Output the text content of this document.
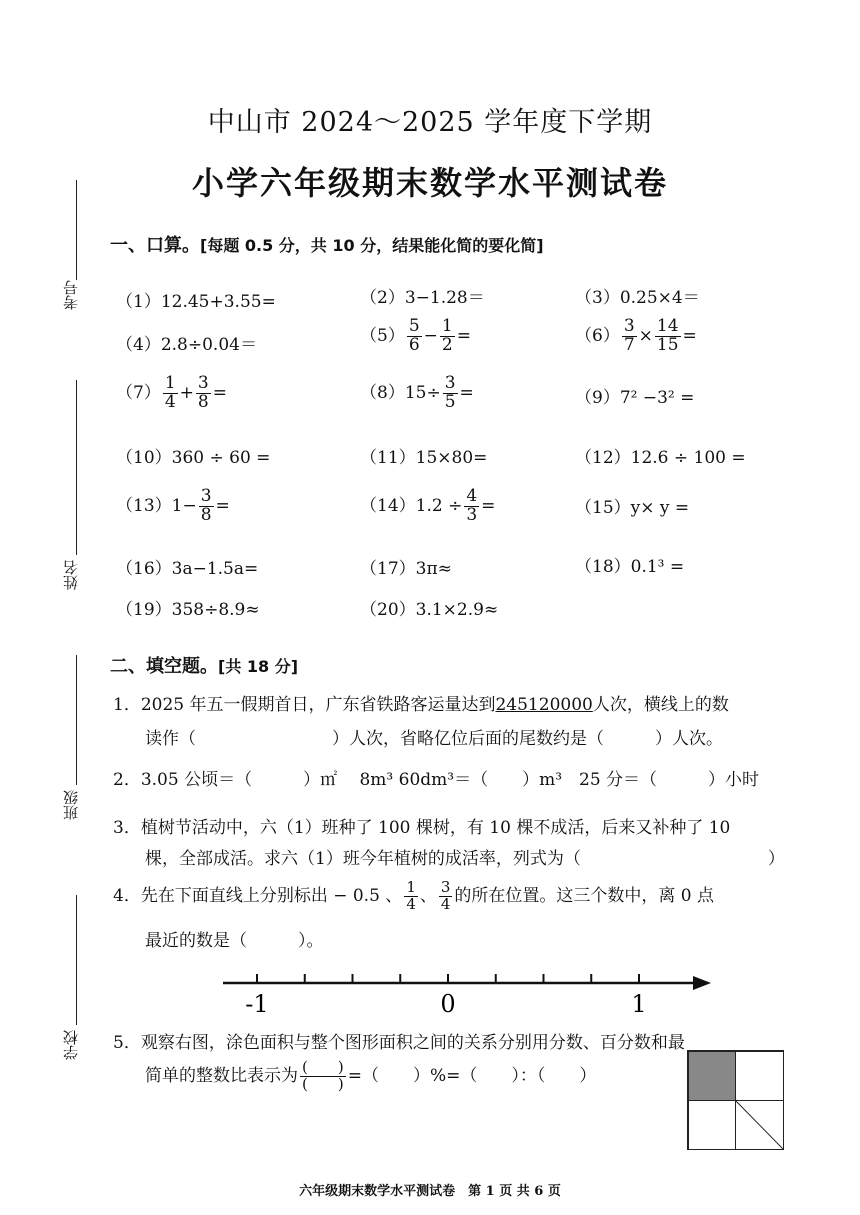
中山市 2024～2025 学年度下学期
小学六年级期末数学水平测试卷
考号
姓名
班级
学校
一、口算。[每题 0.5 分，共 10 分，结果能化简的要化简]
（1）12.45+3.55=	（2）3−1.28＝	（3）0.25×4＝
（4）2.8÷0.04＝	$(5) \frac{5}{6} - \frac{1}{2}$ =	$(6) \frac{3}{7} \times \frac{14}{15}$ =
$(7) \frac{1}{4} + \frac{3}{8}$ =	$(8)15\div \frac{3}{5}$ =	（9）7² −3² =
（10）360 ÷ 60 =	（11）15×80=	（12）12.6 ÷ 100 =
$(13)1- \frac{3}{8}$ =	$(14)1.2 \div \frac{4}{3}$ =	（15）y× y =
（16）3a−1.5a=	（17）3π≈	（18）0.1³ =
（19）358÷8.9≈	（20）3.1×2.9≈
二、填空题。[共 18 分]
1．2025 年五一假期首日，广东省铁路客运量达到245120000人次，横线上的数
读作（　　　　　　　　）人次，省略亿位后面的尾数约是（　　　）人次。
2．3.05 公顷＝（　　　）㎡　 8m³ 60dm³＝（　　）m³　25 分＝（　　　）小时
3．植树节活动中，六（1）班种了 100 棵树，有 10 棵不成活，后来又补种了 10
棵，全部成活。求六（1）班今年植树的成活率，列式为（　　　　　　　　　　　）
4．先在下面直线上分别标出 − 0.5 、 $\frac{1}{4}$ 、 $\frac{3}{4}$ 的所在位置。这三个数中，离 0 点
最近的数是（　　　）。
-1	0	1
5．观察右图，涂色面积与整个图形面积之间的关系分别用分数、百分数和最
简单的整数比表示为 $\frac{( )}{( )}$ =（　　）%=（　　）：（　　）
六年级期末数学水平测试卷　第 1 页 共 6 页
